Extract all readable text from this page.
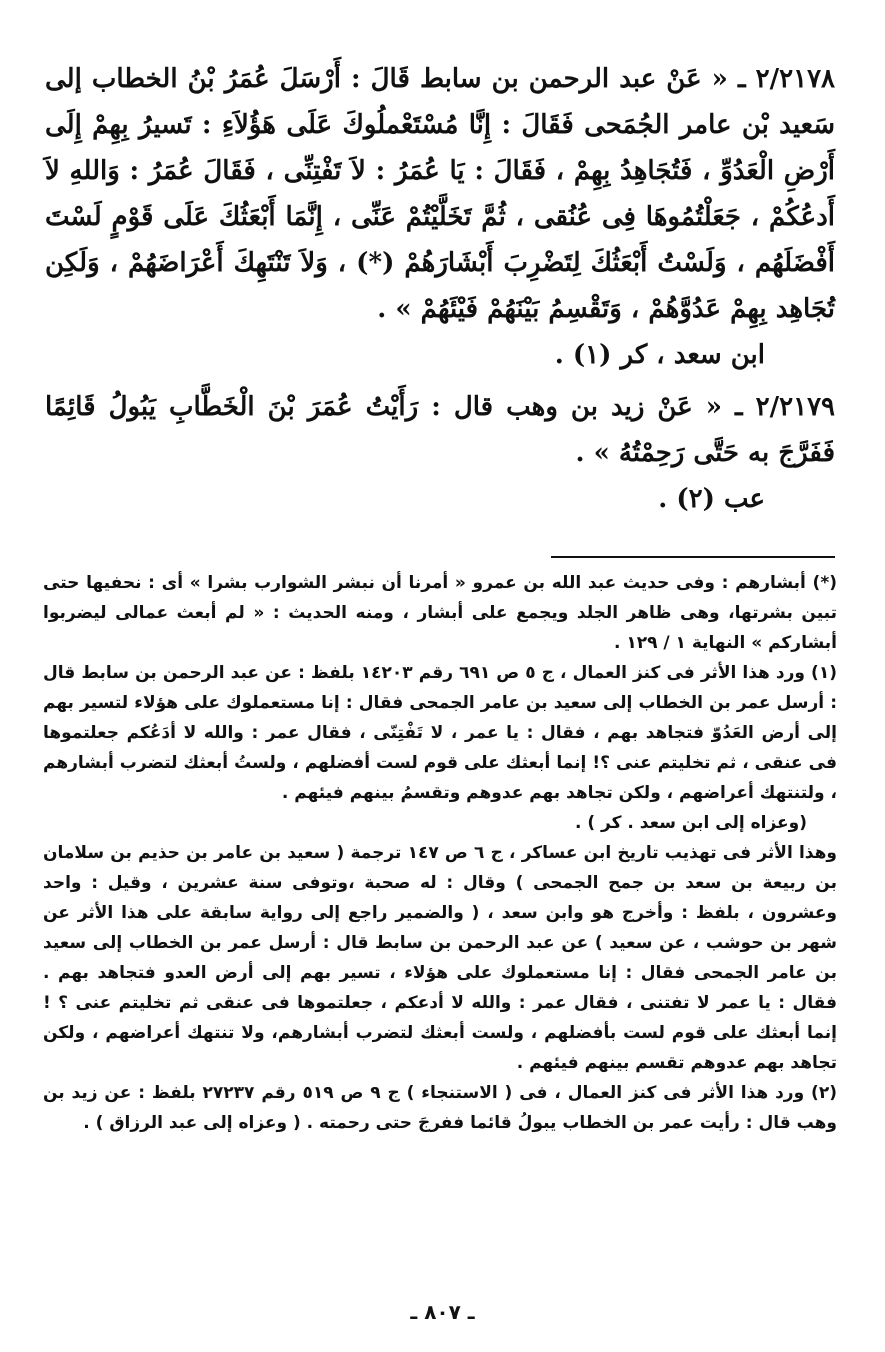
٢/٢١٧٨ ـ « عَنْ عبد الرحمن بن سابط قَالَ : أَرْسَلَ عُمَرُ بْنُ الخطاب إلى سَعيد بْن عامر الجُمَحى فَقَالَ : إِنَّا مُسْتَعْملُوكَ عَلَى هَؤُلاَءِ : تَسيرُ بِهِمْ إِلَى أَرْضِ الْعَدُوِّ ، فَتُجَاهِدُ بِهِمْ ، فَقَالَ : يَا عُمَرُ : لاَ تَفْتِنِّى ، فَقَالَ عُمَرُ : وَاللهِ لاَ أَدعُكُمْ ، جَعَلْتُمُوهَا فِى عُنُقى ، ثُمَّ تَخَلَّيْتُمْ عَنِّى ، إِنَّمَا أَبْعَثُكَ عَلَى قَوْمٍ لَسْتَ أَفْضَلَهُم ، وَلَسْتُ أَبْعَثُكَ لِتَضْرِبَ أَبْشَارَهُمْ (*) ، وَلاَ تَنْتَهِكَ أَعْرَاضَهُمْ ، وَلَكِن تُجَاهِد بِهِمْ عَدُوَّهُمْ ، وَتَقْسِمُ بَيْنَهُمْ فَيْئَهُمْ » .

ابن سعد ، كر (١) .

٢/٢١٧٩ ـ « عَنْ زيد بن وهب قال : رَأَيْتُ عُمَرَ بْنَ الْخَطَّابِ يَبُولُ قَائِمًا فَفَرَّجَ به حَتَّى رَحِمْتُهُ » .

عب (٢) .

(*) أبشارهم : وفى حديث عبد الله بن عمرو « أمرنا أن نبشر الشوارب بشرا » أى : نحفيها حتى تبين بشرتها، وهى ظاهر الجلد ويجمع على أبشار ، ومنه الحديث : « لم أبعث عمالى ليضربوا أبشاركم » النهاية ١ / ١٢٩ .

(١) ورد هذا الأثر فى كنز العمال ، ج ٥ ص ٦٩١ رقم ١٤٢٠٣ بلفظ : عن عبد الرحمن بن سابط قال : أرسل عمر بن الخطاب إلى سعيد بن عامر الجمحى فقال : إنا مستعملوك على هؤلاء لتسير بهم إلى أرض العَدُوّ فتجاهد بهم ، فقال : يا عمر ، لا تَفْتِنّى ، فقال عمر : والله لا أدَعُكم جعلتموها فى عنقى ، ثم تخليتم عنى ؟! إنما أبعثك على قوم لست أفضلهم ، ولستُ أبعثك لتضرب أبشارهم ، ولتنتهك أعراضهم ، ولكن تجاهد بهم عدوهم وتقسمُ بينهم فيئهم .

(وعزاه إلى ابن سعد . كر ) .

وهذا الأثر فى تهذيب تاريخ ابن عساكر ، ج ٦ ص ١٤٧ ترجمة ( سعيد بن عامر بن حذيم بن سلامان بن ربيعة بن سعد بن جمح الجمحى ) وقال : له صحبة ،وتوفى سنة عشرين ، وقيل : واحد وعشرون ، بلفظ : وأخرج هو وابن سعد ، ( والضمير راجع إلى رواية سابقة على هذا الأثر عن شهر بن حوشب ، عن سعيد ) عن عبد الرحمن بن سابط قال : أرسل عمر بن الخطاب إلى سعيد بن عامر الجمحى فقال : إنا مستعملوك على هؤلاء ، تسير بهم إلى أرض العدو فتجاهد بهم . فقال : يا عمر لا تفتنى ، فقال عمر : والله لا أدعكم ، جعلتموها فى عنقى ثم تخليتم عنى ؟ ! إنما أبعثك على قوم لست بأفضلهم ، ولست أبعثك لتضرب أبشارهم، ولا تنتهك أعراضهم ، ولكن تجاهد بهم عدوهم تقسم بينهم فيئهم .

(٢) ورد هذا الأثر فى كنز العمال ، فى ( الاستنجاء ) ج ٩ ص ٥١٩ رقم ٢٧٢٣٧ بلفظ : عن زيد بن وهب قال : رأيت عمر بن الخطاب يبولُ قائما ففرجَ حتى رحمته . ( وعزاه إلى عبد الرزاق ) .

ـ ٨٠٧ ـ
